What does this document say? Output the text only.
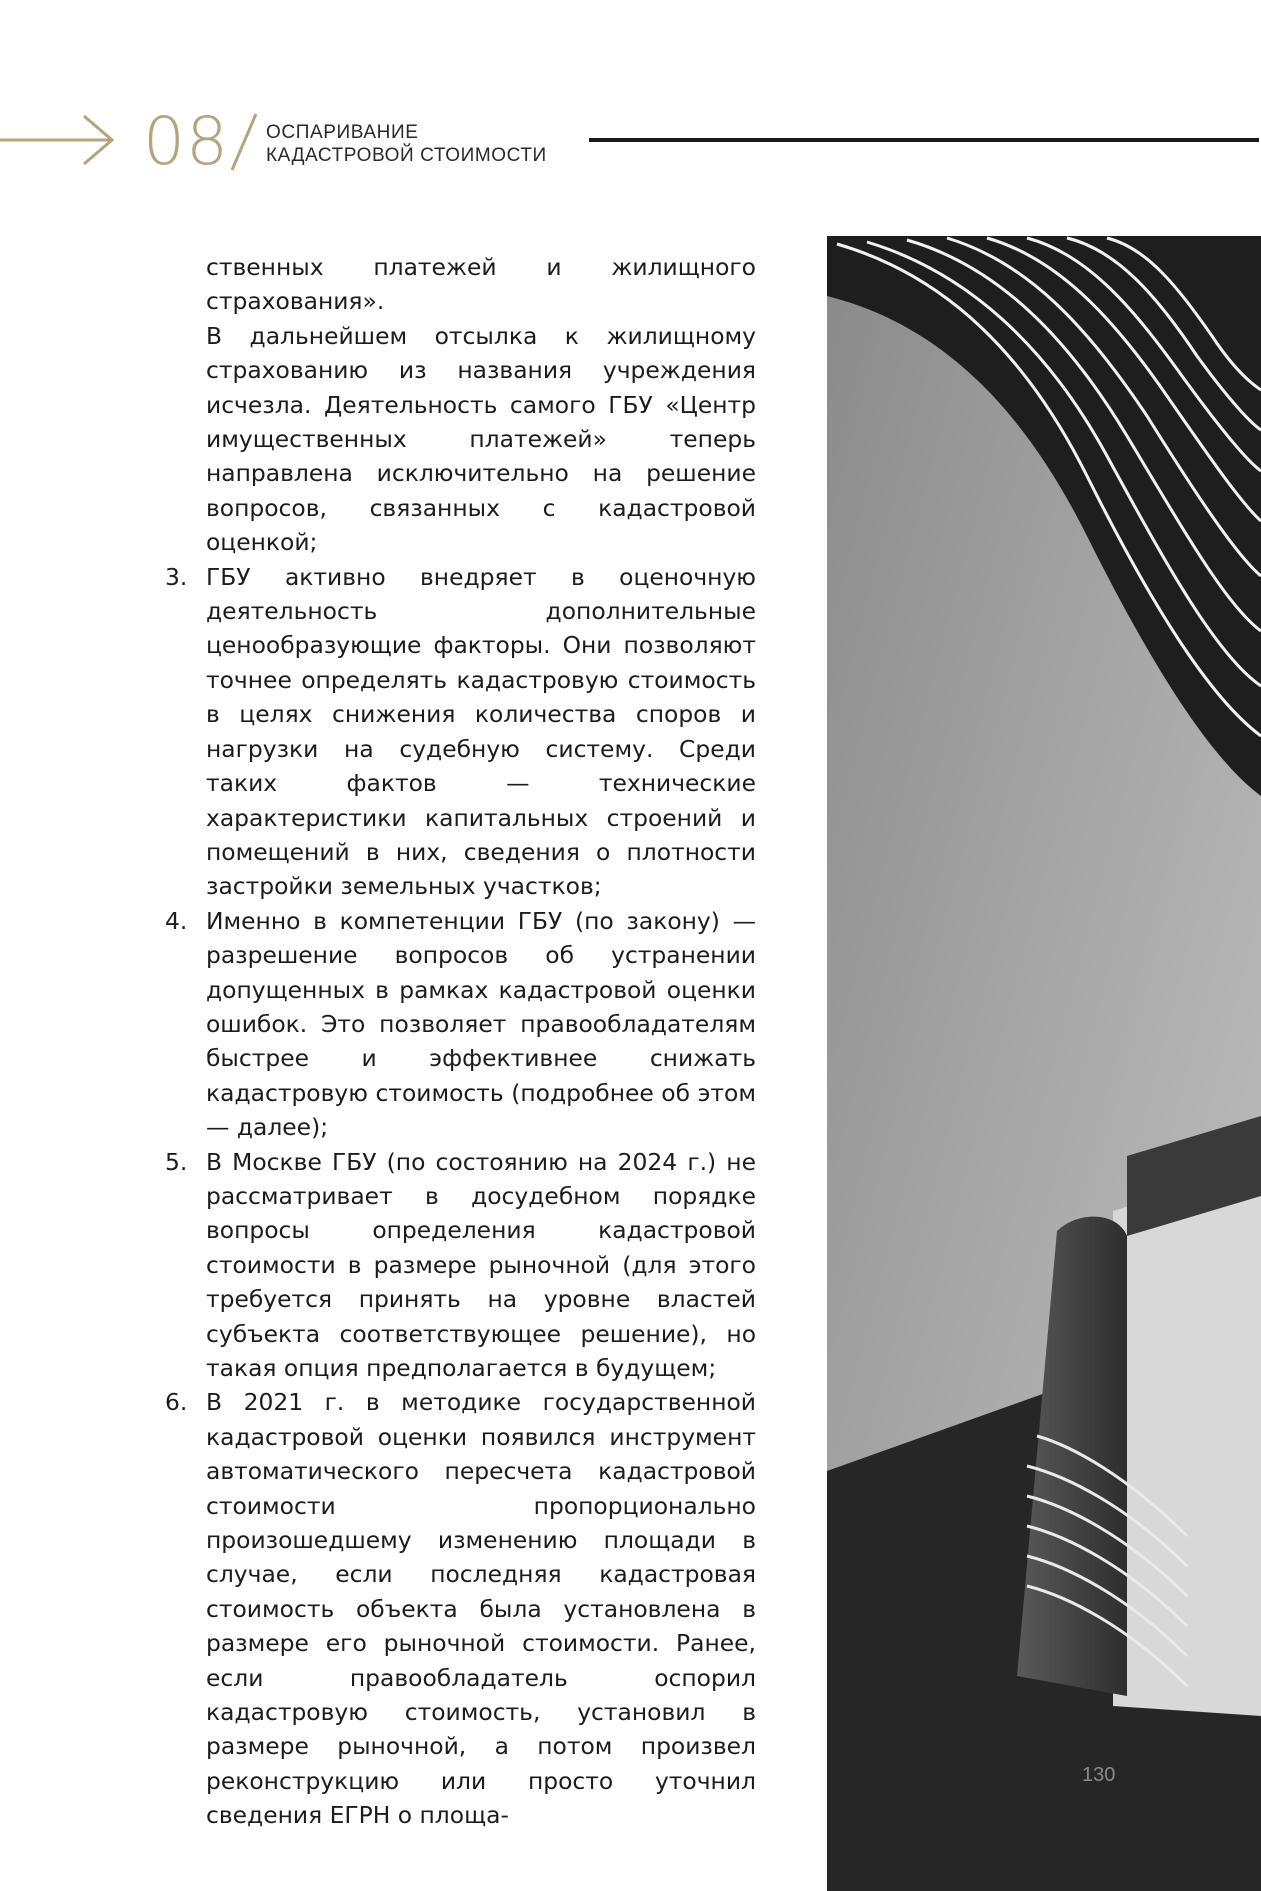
08 ОСПАРИВАНИЕ
КАДАСТРОВОЙ СТОИМОСТИ

ственных платежей и жилищного страхования».

В дальнейшем отсылка к жилищному страхованию из названия учреждения исчезла. Деятельность самого ГБУ «Центр имущественных платежей» теперь направлена исключительно на решение вопросов, связанных с кадастровой оценкой;

3. ГБУ активно внедряет в оценочную деятельность дополнительные ценообразующие факторы. Они позволяют точнее определять кадастровую стоимость в целях снижения количества споров и нагрузки на судебную систему. Среди таких фактов — технические характеристики капитальных строений и помещений в них, сведения о плотности застройки земельных участков;
4. Именно в компетенции ГБУ (по закону) — разрешение вопросов об устранении допущенных в рамках кадастровой оценки ошибок. Это позволяет правообладателям быстрее и эффективнее снижать кадастровую стоимость (подробнее об этом — далее);
5. В Москве ГБУ (по состоянию на 2024 г.) не рассматривает в досудебном порядке вопросы определения кадастровой стоимости в размере рыночной (для этого требуется принять на уровне властей субъекта соответствующее решение), но такая опция предполагается в будущем;
6. В 2021 г. в методике государственной кадастровой оценки появился инструмент автоматического пересчета кадастровой стоимости пропорционально произошедшему изменению площади в случае, если последняя кадастровая стоимость объекта была установлена в размере его рыночной стоимости. Ранее, если правообладатель оспорил кадастровую стоимость, установил в размере рыночной, а потом произвел реконструкцию или просто уточнил сведения ЕГРН о площа-
130
